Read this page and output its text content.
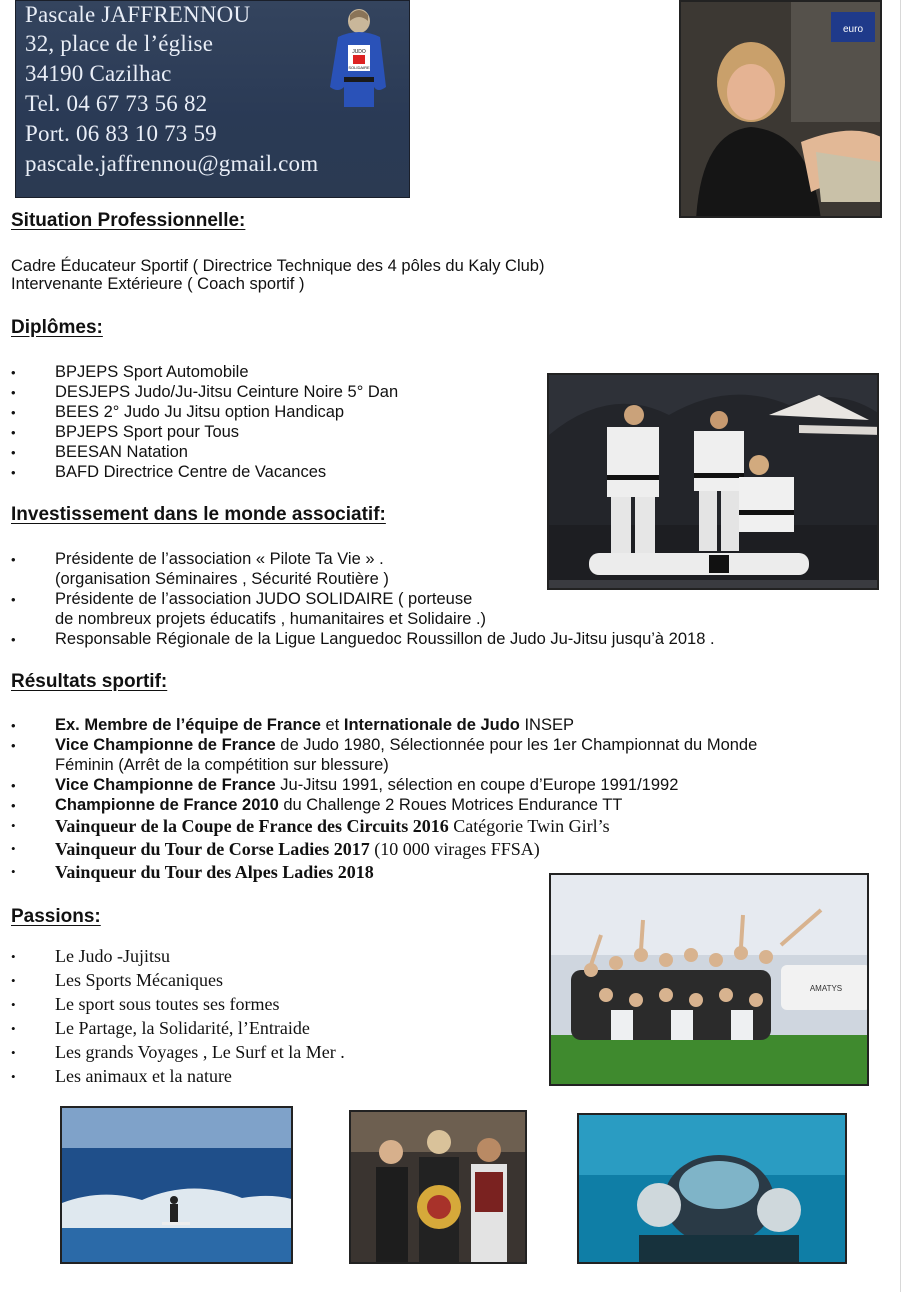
Pascale JAFFRENNOU
32, place de l’église
34190 Cazilhac
Tel. 04 67 73 56 82
Port. 06 83 10 73 59
pascale.jaffrennou@gmail.com
JUDO
SOLIDAIRE
euro
Situation Professionnelle:
Cadre Éducateur Sportif ( Directrice Technique des 4 pôles du Kaly Club)
Intervenante Extérieure ( Coach sportif )
Diplômes:
• BPJEPS Sport Automobile
• DESJEPS Judo/Ju-Jitsu Ceinture Noire 5° Dan
• BEES 2° Judo Ju Jitsu option Handicap
• BPJEPS Sport pour Tous
• BEESAN Natation
• BAFD Directrice Centre de Vacances
Investissement dans le monde associatif:
• Présidente de l’association « Pilote Ta Vie » .
(organisation Séminaires , Sécurité Routière )
• Présidente de l’association JUDO SOLIDAIRE ( porteuse
de nombreux projets éducatifs , humanitaires et Solidaire .)
• Responsable Régionale de la Ligue Languedoc Roussillon de Judo Ju-Jitsu jusqu’à 2018 .
Résultats sportif:
• Ex. Membre de l’équipe de France et Internationale de Judo INSEP
• Vice Championne de France de Judo 1980, Sélectionnée pour les 1er Championnat du Monde
Féminin (Arrêt de la compétition sur blessure)
• Vice Championne de France Ju-Jitsu 1991, sélection en coupe d’Europe 1991/1992
• Championne de France 2010 du Challenge 2 Roues Motrices Endurance TT
• Vainqueur de la Coupe de France des Circuits 2016 Catégorie Twin Girl’s
• Vainqueur du Tour de Corse Ladies 2017 (10 000 virages FFSA)
• Vainqueur du Tour des Alpes Ladies 2018
AMATYS
Passions:
• Le Judo -Jujitsu
• Les Sports Mécaniques
• Le sport sous toutes ses formes
• Le Partage, la Solidarité, l’Entraide
• Les grands Voyages , Le Surf et la Mer .
• Les animaux et la nature
